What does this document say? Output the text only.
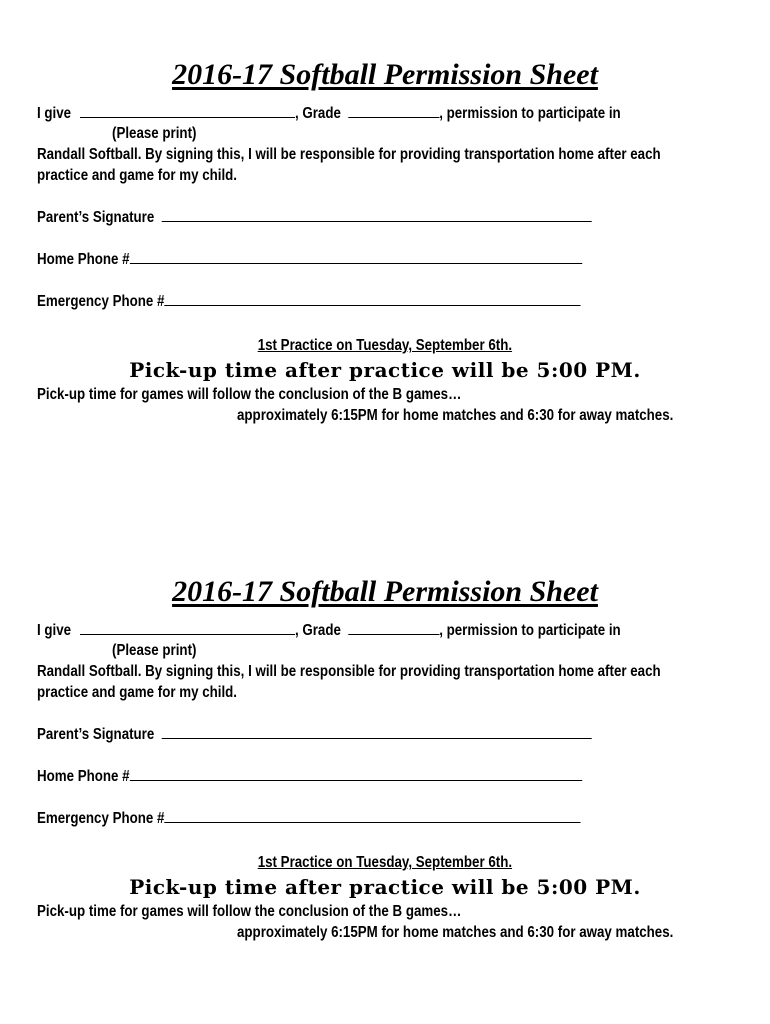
2016-17 Softball Permission Sheet
I give	, Grade	, permission to participate in
(Please print)
Randall Softball. By signing this, I will be responsible for providing transportation home after each
practice and game for my child.
Parent’s Signature
Home Phone #
Emergency Phone #
1st Practice on Tuesday, September 6th.
Pick-up time after practice will be 5:00 PM.
Pick-up time for games will follow the conclusion of the B games…
approximately 6:15PM for home matches and 6:30 for away matches.
2016-17 Softball Permission Sheet
I give	, Grade	, permission to participate in
(Please print)
Randall Softball. By signing this, I will be responsible for providing transportation home after each
practice and game for my child.
Parent’s Signature
Home Phone #
Emergency Phone #
1st Practice on Tuesday, September 6th.
Pick-up time after practice will be 5:00 PM.
Pick-up time for games will follow the conclusion of the B games…
approximately 6:15PM for home matches and 6:30 for away matches.
